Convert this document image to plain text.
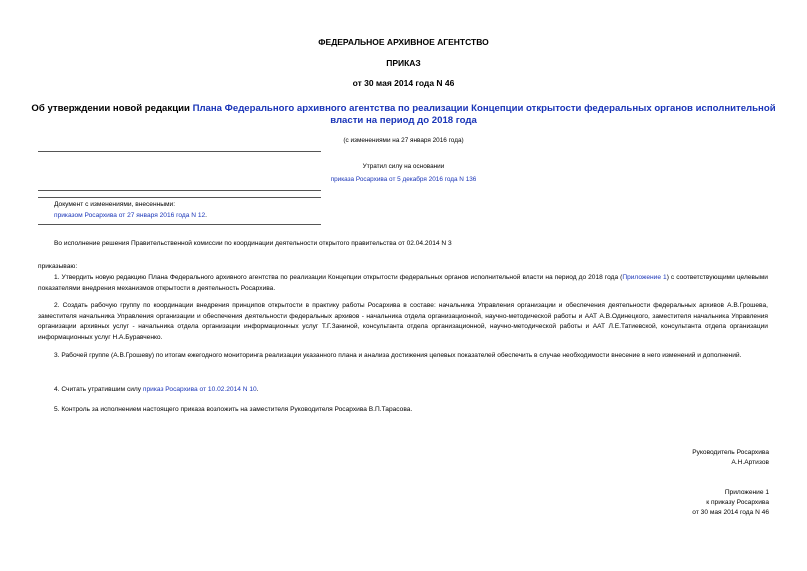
ФЕДЕРАЛЬНОЕ АРХИВНОЕ АГЕНТСТВО
ПРИКАЗ
от 30 мая 2014 года N 46
Об утверждении новой редакции Плана Федерального архивного агентства по реализации Концепции открытости федеральных органов исполнительной власти на период до 2018 года
(с изменениями на 27 января 2016 года)
Утратил силу на основании
приказа Росархива от 5 декабря 2016 года N 136
Документ с изменениями, внесенными:
приказом Росархива от 27 января 2016 года N 12.
Во исполнение решения Правительственной комиссии по координации деятельности открытого правительства от 02.04.2014 N 3
приказываю:
1. Утвердить новую редакцию Плана Федерального архивного агентства по реализации Концепции открытости федеральных органов исполнительной власти на период до 2018 года (Приложение 1) с соответствующими целевыми показателями внедрения механизмов открытости в деятельность Росархива.
2. Создать рабочую группу по координации внедрения принципов открытости в практику работы Росархива в составе: начальника Управления организации и обеспечения деятельности федеральных архивов А.В.Грошева, заместителя начальника Управления организации и обеспечения деятельности федеральных архивов - начальника отдела организационной, научно-методической работы и ААТ А.В.Одинецкого, заместителя начальника Управления организации архивных услуг - начальника отдела организации информационных услуг Т.Г.Заниной, консультанта отдела организационной, научно-методической работы и ААТ Л.Е.Татиевской, консультанта отдела организации информационных услуг Н.А.Буравченко.
3. Рабочей группе (А.В.Грошеву) по итогам ежегодного мониторинга реализации указанного плана и анализа достижения целевых показателей обеспечить в случае необходимости внесение в него изменений и дополнений.
4. Считать утратившим силу приказ Росархива от 10.02.2014 N 10.
5. Контроль за исполнением настоящего приказа возложить на заместителя Руководителя Росархива В.П.Тарасова.
Руководитель Росархива
А.Н.Артизов
Приложение 1
к приказу Росархива
от 30 мая 2014 года N 46
